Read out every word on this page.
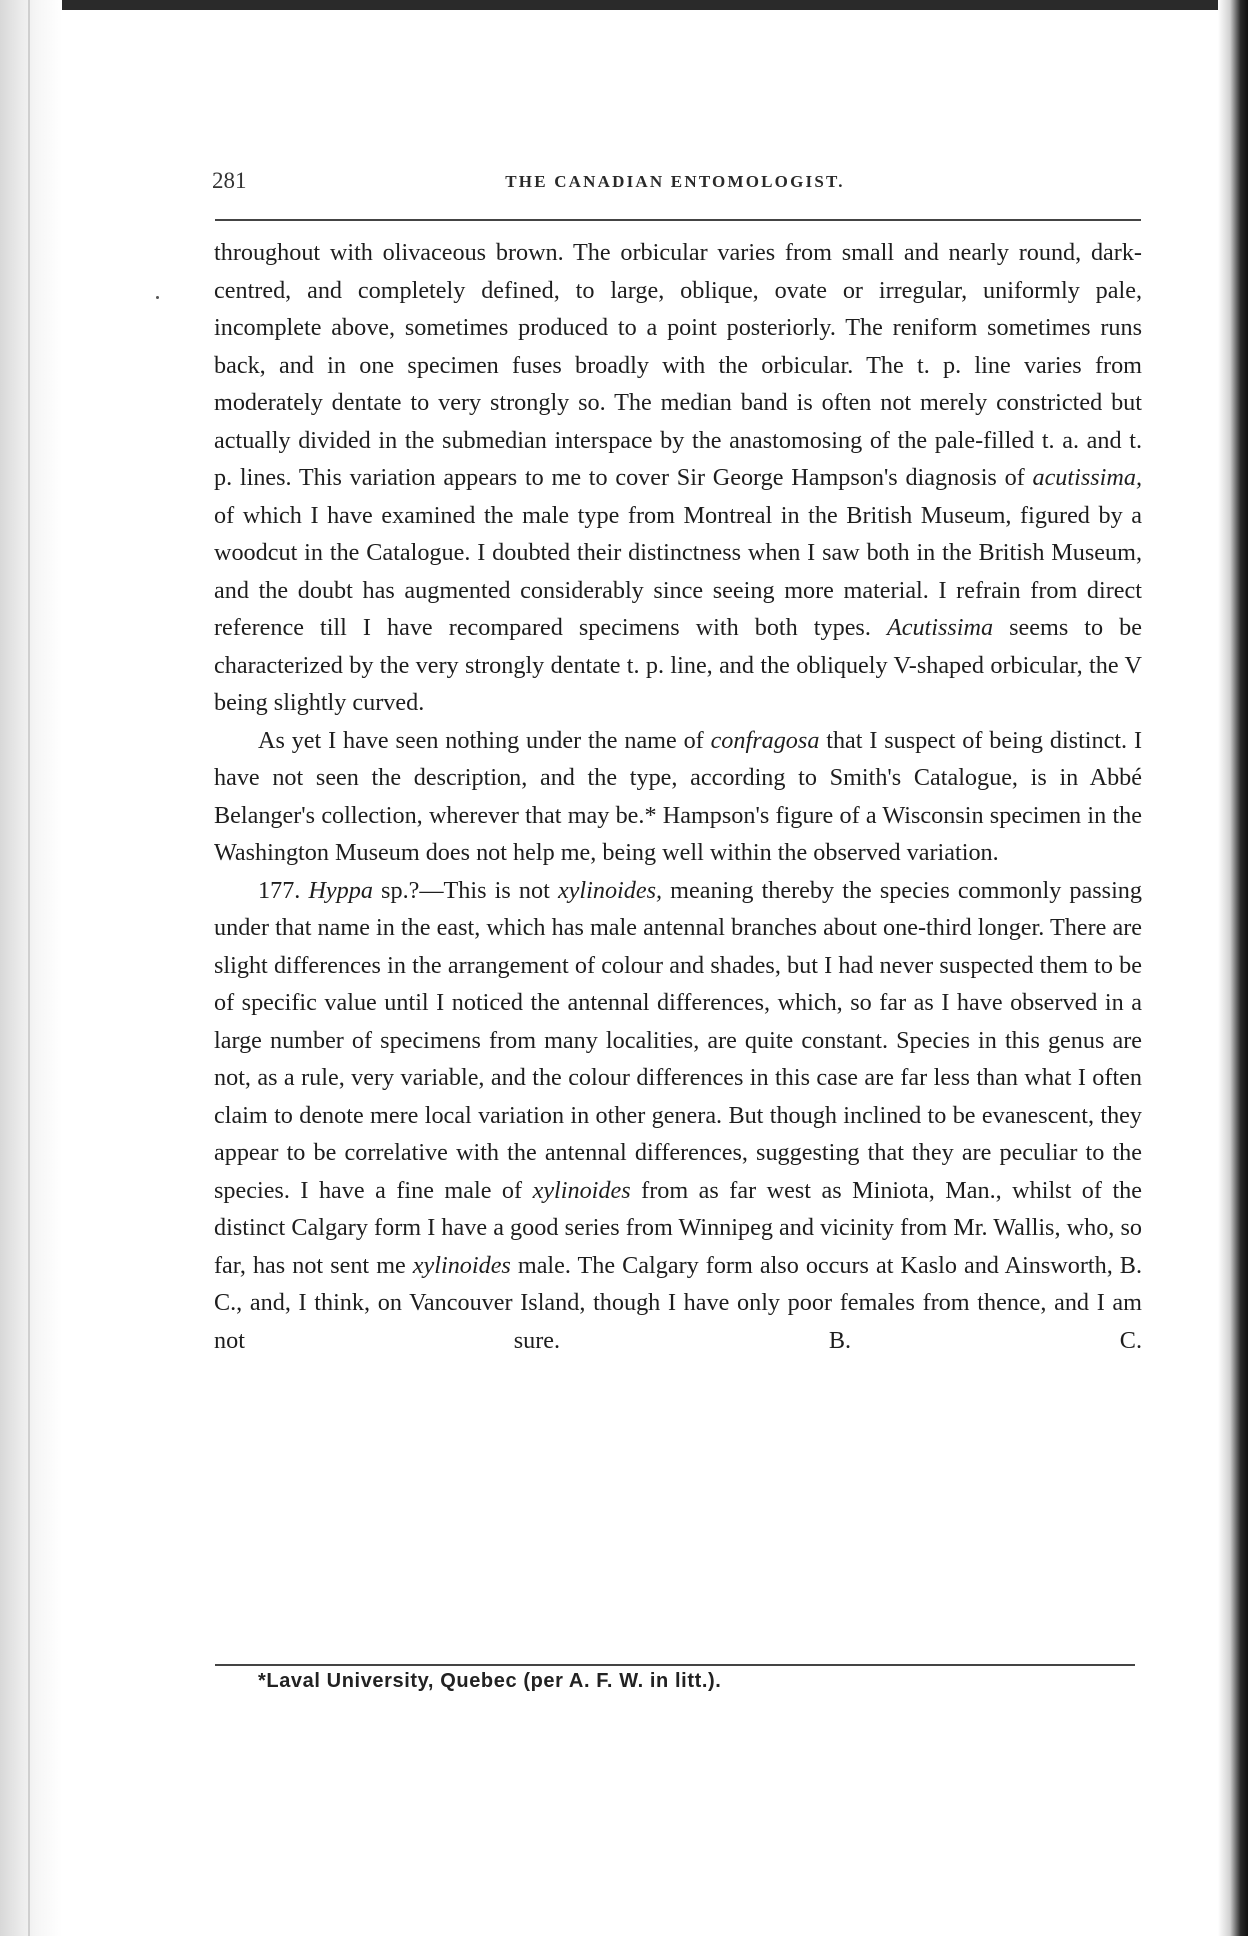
281	THE CANADIAN ENTOMOLOGIST.

throughout with olivaceous brown. The orbicular varies from small and nearly round, dark-centred, and completely defined, to large, oblique, ovate or irregular, uniformly pale, incomplete above, sometimes produced to a point posteriorly. The reniform sometimes runs back, and in one specimen fuses broadly with the orbicular. The t. p. line varies from moderately dentate to very strongly so. The median band is often not merely constricted but actually divided in the submedian interspace by the anastomosing of the pale-filled t. a. and t. p. lines. This variation appears to me to cover Sir George Hampson's diagnosis of acutissima, of which I have examined the male type from Montreal in the British Museum, figured by a woodcut in the Catalogue. I doubted their distinctness when I saw both in the British Museum, and the doubt has augmented considerably since seeing more material. I refrain from direct reference till I have recompared specimens with both types. Acutissima seems to be characterized by the very strongly dentate t. p. line, and the obliquely V-shaped orbicular, the V being slightly curved.

As yet I have seen nothing under the name of confragosa that I suspect of being distinct. I have not seen the description, and the type, according to Smith's Catalogue, is in Abbé Belanger's collection, wherever that may be.* Hampson's figure of a Wisconsin specimen in the Washington Museum does not help me, being well within the observed variation.

177. Hyppa sp.?—This is not xylinoides, meaning thereby the species commonly passing under that name in the east, which has male antennal branches about one-third longer. There are slight differences in the arrangement of colour and shades, but I had never suspected them to be of specific value until I noticed the antennal differences, which, so far as I have observed in a large number of specimens from many localities, are quite constant. Species in this genus are not, as a rule, very variable, and the colour differences in this case are far less than what I often claim to denote mere local variation in other genera. But though inclined to be evanescent, they appear to be correlative with the antennal differences, suggesting that they are peculiar to the species. I have a fine male of xylinoides from as far west as Miniota, Man., whilst of the distinct Calgary form I have a good series from Winnipeg and vicinity from Mr. Wallis, who, so far, has not sent me xylinoides male. The Calgary form also occurs at Kaslo and Ainsworth, B. C., and, I think, on Vancouver Island, though I have only poor females from thence, and I am not sure. B. C.

*Laval University, Quebec (per A. F. W. in litt.).
